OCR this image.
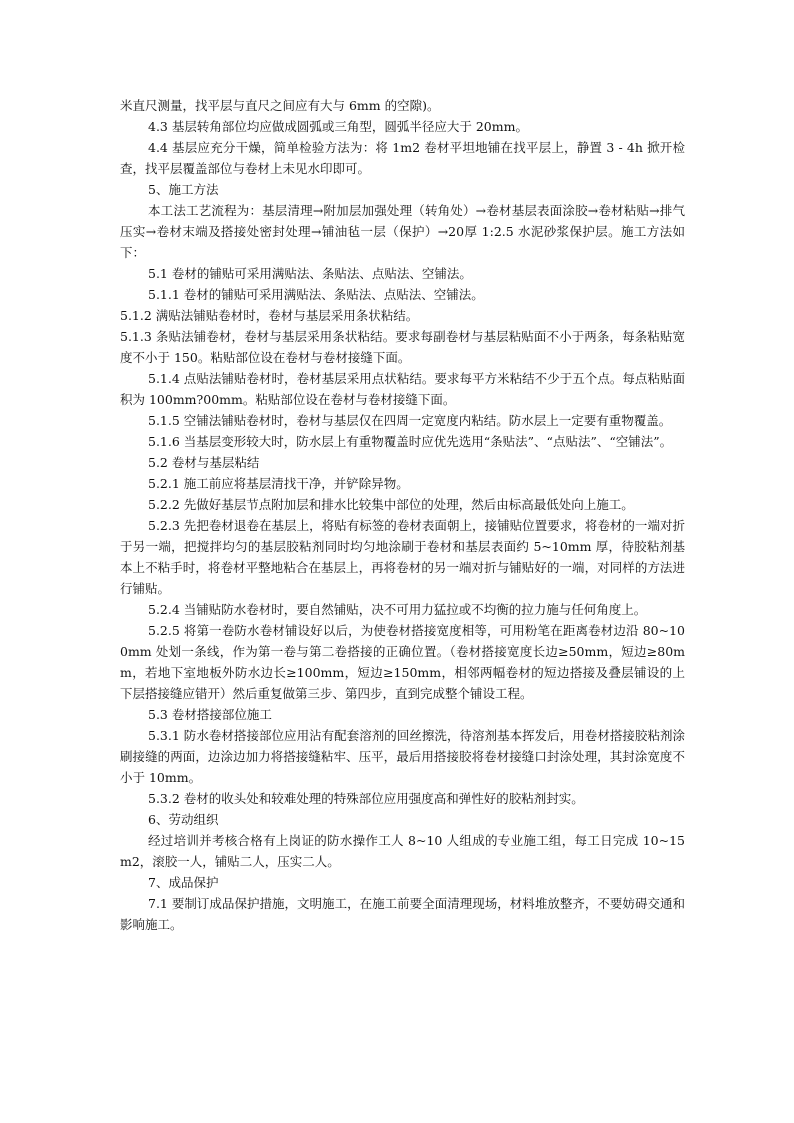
米直尺测量，找平层与直尺之间应有大与 6mm 的空隙)。

4.3 基层转角部位均应做成圆弧或三角型，圆弧半径应大于 20mm。

4.4 基层应充分干燥，简单检验方法为：将 1m2 卷材平坦地铺在找平层上，静置 3 - 4h 掀开检查，找平层覆盖部位与卷材上未见水印即可。

5、施工方法

本工法工艺流程为：基层清理→附加层加强处理（转角处）→卷材基层表面涂胶→卷材粘贴→排气压实→卷材末端及搭接处密封处理→铺油毡一层（保护）→20厚 1:2.5 水泥砂浆保护层。施工方法如下：

5.1 卷材的铺贴可采用满贴法、条贴法、点贴法、空铺法。

5.1.1 卷材的铺贴可采用满贴法、条贴法、点贴法、空铺法。

5.1.2 满贴法铺贴卷材时，卷材与基层采用条状粘结。

5.1.3 条贴法铺卷材，卷材与基层采用条状粘结。要求每副卷材与基层粘贴面不小于两条，每条粘贴宽度不小于 150。粘贴部位设在卷材与卷材接缝下面。

5.1.4 点贴法铺贴卷材时，卷材基层采用点状粘结。要求每平方米粘结不少于五个点。每点粘贴面积为 100mm?00mm。粘贴部位设在卷材与卷材接缝下面。

5.1.5 空铺法铺贴卷材时，卷材与基层仅在四周一定宽度内粘结。防水层上一定要有重物覆盖。

5.1.6 当基层变形较大时，防水层上有重物覆盖时应优先选用“条贴法”、“点贴法”、“空铺法”。

5.2 卷材与基层粘结

5.2.1 施工前应将基层清找干净，并铲除异物。

5.2.2 先做好基层节点附加层和排水比较集中部位的处理，然后由标高最低处向上施工。

5.2.3 先把卷材退卷在基层上，将贴有标签的卷材表面朝上，接铺贴位置要求，将卷材的一端对折于另一端，把搅拌均匀的基层胶粘剂同时均匀地涂刷于卷材和基层表面约 5~10mm 厚，待胶粘剂基本上不粘手时，将卷材平整地粘合在基层上，再将卷材的另一端对折与铺贴好的一端，对同样的方法进行铺贴。

5.2.4 当铺贴防水卷材时，要自然铺贴，决不可用力猛拉或不均衡的拉力施与任何角度上。

5.2.5 将第一卷防水卷材铺设好以后，为使卷材搭接宽度相等，可用粉笔在距离卷材边沿 80~100mm 处划一条线，作为第一卷与第二卷搭接的正确位置。（卷材搭接宽度长边≥50mm，短边≥80mm，若地下室地板外防水边长≥100mm，短边≥150mm，相邻两幅卷材的短边搭接及叠层铺设的上下层搭接缝应错开）然后重复做第三步、第四步，直到完成整个铺设工程。

5.3 卷材搭接部位施工

5.3.1 防水卷材搭接部位应用沾有配套溶剂的回丝擦洗，待溶剂基本挥发后，用卷材搭接胶粘剂涂刷接缝的两面，边涂边加力将搭接缝粘牢、压平，最后用搭接胶将卷材接缝口封涂处理，其封涂宽度不小于 10mm。

5.3.2 卷材的收头处和较难处理的特殊部位应用强度高和弹性好的胶粘剂封实。

6、劳动组织

经过培训并考核合格有上岗证的防水操作工人 8~10 人组成的专业施工组，每工日完成 10~15m2，滚胶一人，铺贴二人，压实二人。

7、成品保护

7.1 要制订成品保护措施，文明施工，在施工前要全面清理现场，材料堆放整齐，不要妨碍交通和影响施工。
